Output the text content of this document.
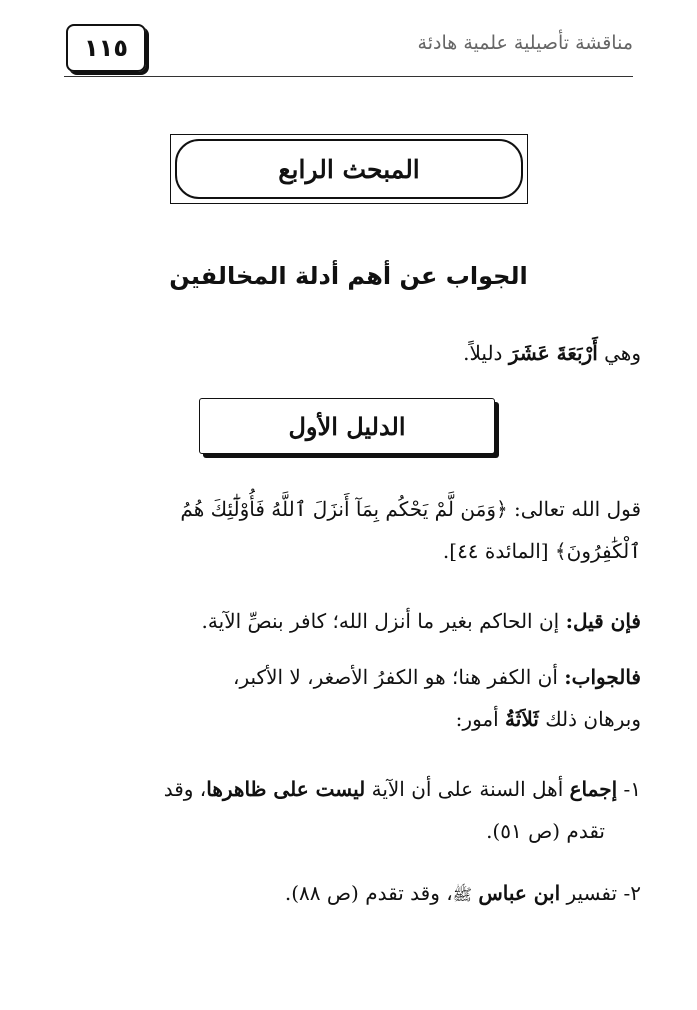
١١٥	مناقشة تأصيلية علمية هادئة
المبحث الرابع
الجواب عن أهم أدلة المخالفين
وهي أَرْبَعَةَ عَشَرَ دليلاً.
الدليل الأول
قول الله تعالى: ﴿وَمَن لَّمْ يَحْكُم بِمَآ أَنزَلَ ٱللَّهُ فَأُوْلَٰٓئِكَ هُمُ
ٱلْكَٰفِرُونَ﴾ [المائدة ٤٤].
فإن قيل: إن الحاكم بغير ما أنزل الله؛ كافر بنصِّ الآية.
فالجواب: أن الكفر هنا؛ هو الكفرُ الأصغر، لا الأكبر،
وبرهان ذلك ثَلاَثَةُ أمور:
١- إجماع أهل السنة على أن الآية ليست على ظاهرها، وقد
تقدم (ص ٥١).
٢- تفسير ابن عباس ﷺ، وقد تقدم (ص ٨٨).
